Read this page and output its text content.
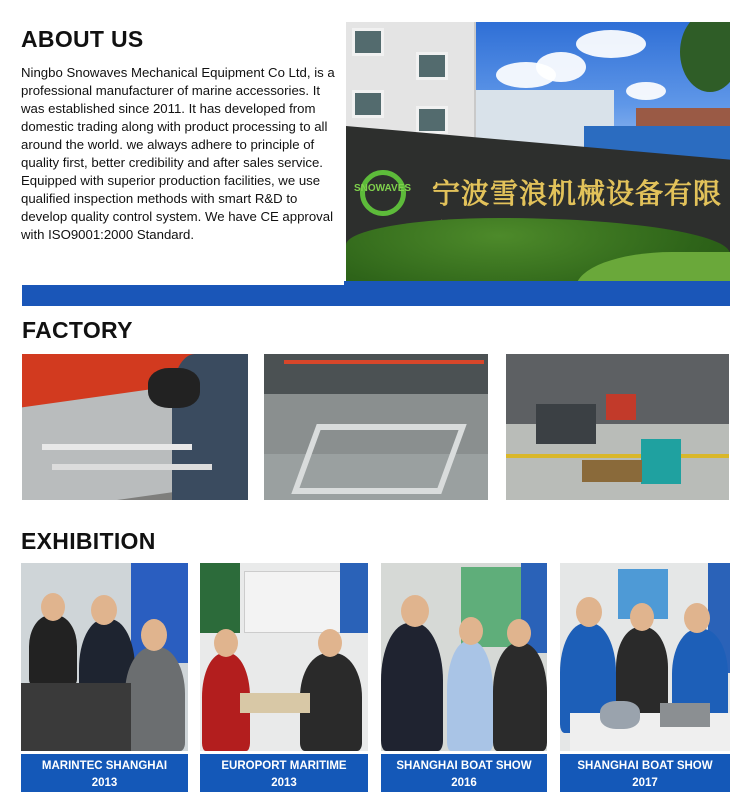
ABOUT US
Ningbo Snowaves Mechanical Equipment Co Ltd, is a professional manufacturer of marine accessories. It was established since 2011. It has developed from domestic trading along with product processing to all around the world. we always adhere to principle of quality first, better credibility and after sales service. Equipped with superior production facilities, we use qualified inspection methods with smart R&D to develop quality control system. We have CE approval with ISO9001:2000 Standard.
SNOWAVES 宁波雪浪机械设备有限
FACTORY
EXHIBITION
MARINTEC SHANGHAI
2013
EUROPORT MARITIME
2013
SHANGHAI BOAT SHOW
2016
SHANGHAI BOAT SHOW
2017
